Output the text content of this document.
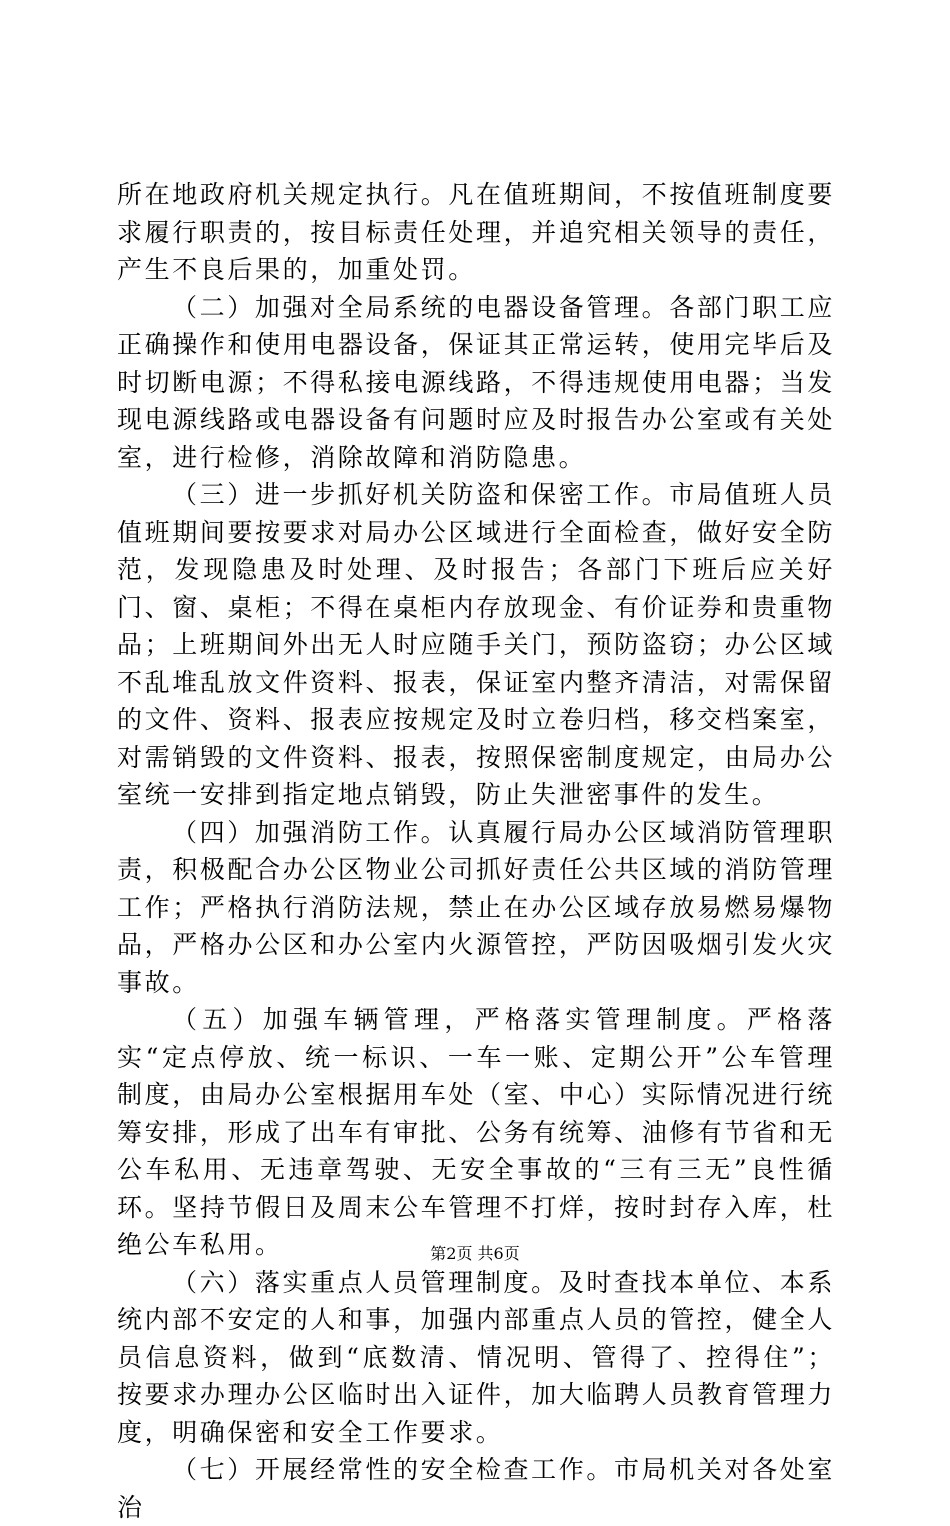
所在地政府机关规定执行。凡在值班期间，不按值班制度要求履行职责的，按目标责任处理，并追究相关领导的责任，产生不良后果的，加重处罚。

（二）加强对全局系统的电器设备管理。各部门职工应正确操作和使用电器设备，保证其正常运转，使用完毕后及时切断电源；不得私接电源线路，不得违规使用电器；当发现电源线路或电器设备有问题时应及时报告办公室或有关处室，进行检修，消除故障和消防隐患。

（三）进一步抓好机关防盗和保密工作。市局值班人员值班期间要按要求对局办公区域进行全面检查，做好安全防范，发现隐患及时处理、及时报告；各部门下班后应关好门、窗、桌柜；不得在桌柜内存放现金、有价证券和贵重物品；上班期间外出无人时应随手关门，预防盗窃；办公区域不乱堆乱放文件资料、报表，保证室内整齐清洁，对需保留的文件、资料、报表应按规定及时立卷归档，移交档案室，对需销毁的文件资料、报表，按照保密制度规定，由局办公室统一安排到指定地点销毁，防止失泄密事件的发生。

（四）加强消防工作。认真履行局办公区域消防管理职责，积极配合办公区物业公司抓好责任公共区域的消防管理工作；严格执行消防法规，禁止在办公区域存放易燃易爆物品，严格办公区和办公室内火源管控，严防因吸烟引发火灾事故。

（五）加强车辆管理，严格落实管理制度。严格落实“定点停放、统一标识、一车一账、定期公开”公车管理制度，由局办公室根据用车处（室、中心）实际情况进行统筹安排，形成了出车有审批、公务有统筹、油修有节省和无公车私用、无违章驾驶、无安全事故的“三有三无”良性循环。坚持节假日及周末公车管理不打烊，按时封存入库，杜绝公车私用。

（六）落实重点人员管理制度。及时查找本单位、本系统内部不安定的人和事，加强内部重点人员的管控，健全人员信息资料，做到“底数清、情况明、管得了、控得住”；按要求办理办公区临时出入证件，加大临聘人员教育管理力度，明确保密和安全工作要求。

（七）开展经常性的安全检查工作。市局机关对各处室治

第2页 共6页
